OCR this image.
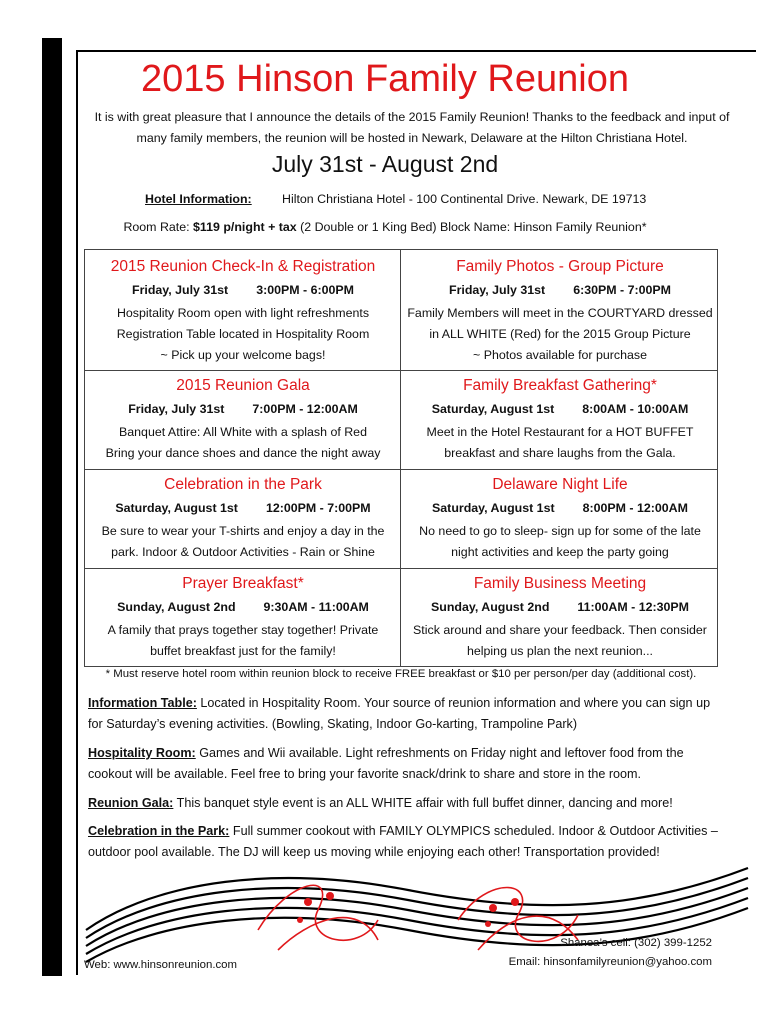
2015 Hinson Family Reunion
It is with great pleasure that I announce the details of the 2015 Family Reunion! Thanks to the feedback and input of many family members, the reunion will be hosted in Newark, Delaware at the Hilton Christiana Hotel.
July 31st - August 2nd
Hotel Information: Hilton Christiana Hotel - 100 Continental Drive. Newark, DE 19713
Room Rate: $119 p/night + tax (2 Double or 1 King Bed) Block Name: Hinson Family Reunion*
2015 Reunion Check-In & Registration
Friday, July 31st 3:00PM - 6:00PM
Hospitality Room open with light refreshments
Registration Table located in Hospitality Room
~ Pick up your welcome bags!
Family Photos - Group Picture
Friday, July 31st 6:30PM - 7:00PM
Family Members will meet in the COURTYARD dressed
in ALL WHITE (Red) for the 2015 Group Picture
~ Photos available for purchase
2015 Reunion Gala
Friday, July 31st 7:00PM - 12:00AM
Banquet Attire: All White with a splash of Red
Bring your dance shoes and dance the night away
Family Breakfast Gathering*
Saturday, August 1st 8:00AM - 10:00AM
Meet in the Hotel Restaurant for a HOT BUFFET
breakfast and share laughs from the Gala.
Celebration in the Park
Saturday, August 1st 12:00PM - 7:00PM
Be sure to wear your T-shirts and enjoy a day in the
park. Indoor & Outdoor Activities - Rain or Shine
Delaware Night Life
Saturday, August 1st 8:00PM - 12:00AM
No need to go to sleep- sign up for some of the late
night activities and keep the party going
Prayer Breakfast*
Sunday, August 2nd 9:30AM - 11:00AM
A family that prays together stay together! Private
buffet breakfast just for the family!
Family Business Meeting
Sunday, August 2nd 11:00AM - 12:30PM
Stick around and share your feedback. Then consider
helping us plan the next reunion...
* Must reserve hotel room within reunion block to receive FREE breakfast or $10 per person/per day (additional cost).
Information Table: Located in Hospitality Room. Your source of reunion information and where you can sign up for Saturday’s evening activities. (Bowling, Skating, Indoor Go-karting, Trampoline Park)
Hospitality Room: Games and Wii available. Light refreshments on Friday night and leftover food from the cookout will be available. Feel free to bring your favorite snack/drink to share and store in the room.
Reunion Gala: This banquet style event is an ALL WHITE affair with full buffet dinner, dancing and more!
Celebration in the Park: Full summer cookout with FAMILY OLYMPICS scheduled. Indoor & Outdoor Activities – outdoor pool available. The DJ will keep us moving while enjoying each other! Transportation provided!
Web: www.hinsonreunion.com
Shanea’s cell: (302) 399-1252
Email: hinsonfamilyreunion@yahoo.com
